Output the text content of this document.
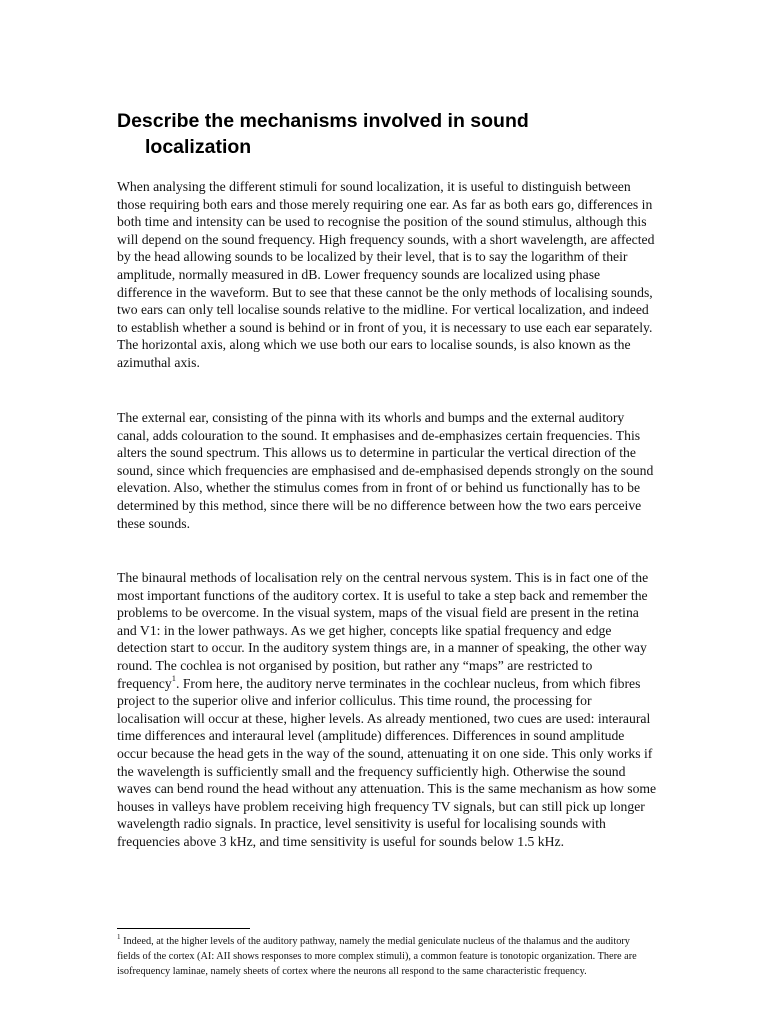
Describe the mechanisms involved in sound
localization

When analysing the different stimuli for sound localization, it is useful to distinguish between those requiring both ears and those merely requiring one ear. As far as both ears go, differences in both time and intensity can be used to recognise the position of the sound stimulus, although this will depend on the sound frequency. High frequency sounds, with a short wavelength, are affected by the head allowing sounds to be localized by their level, that is to say the logarithm of their amplitude, normally measured in dB. Lower frequency sounds are localized using phase difference in the waveform. But to see that these cannot be the only methods of localising sounds, two ears can only tell localise sounds relative to the midline. For vertical localization, and indeed to establish whether a sound is behind or in front of you, it is necessary to use each ear separately. The horizontal axis, along which we use both our ears to localise sounds, is also known as the azimuthal axis.

The external ear, consisting of the pinna with its whorls and bumps and the external auditory canal, adds colouration to the sound. It emphasises and de-emphasizes certain frequencies. This alters the sound spectrum. This allows us to determine in particular the vertical direction of the sound, since which frequencies are emphasised and de-emphasised depends strongly on the sound elevation. Also, whether the stimulus comes from in front of or behind us functionally has to be determined by this method, since there will be no difference between how the two ears perceive these sounds.

The binaural methods of localisation rely on the central nervous system. This is in fact one of the most important functions of the auditory cortex. It is useful to take a step back and remember the problems to be overcome. In the visual system, maps of the visual field are present in the retina and V1: in the lower pathways. As we get higher, concepts like spatial frequency and edge detection start to occur. In the auditory system things are, in a manner of speaking, the other way round. The cochlea is not organised by position, but rather any “maps” are restricted to frequency$^1$. From here, the auditory nerve terminates in the cochlear nucleus, from which fibres project to the superior olive and inferior colliculus. This time round, the processing for localisation will occur at these, higher levels. As already mentioned, two cues are used: interaural time differences and interaural level (amplitude) differences. Differences in sound amplitude occur because the head gets in the way of the sound, attenuating it on one side. This only works if the wavelength is sufficiently small and the frequency sufficiently high. Otherwise the sound waves can bend round the head without any attenuation. This is the same mechanism as how some houses in valleys have problem receiving high frequency TV signals, but can still pick up longer wavelength radio signals. In practice, level sensitivity is useful for localising sounds with frequencies above 3 kHz, and time sensitivity is useful for sounds below 1.5 kHz.

$^1$ Indeed, at the higher levels of the auditory pathway, namely the medial geniculate nucleus of the thalamus and the auditory fields of the cortex (AI: AII shows responses to more complex stimuli), a common feature is tonotopic organization. There are isofrequency laminae, namely sheets of cortex where the neurons all respond to the same characteristic frequency.
